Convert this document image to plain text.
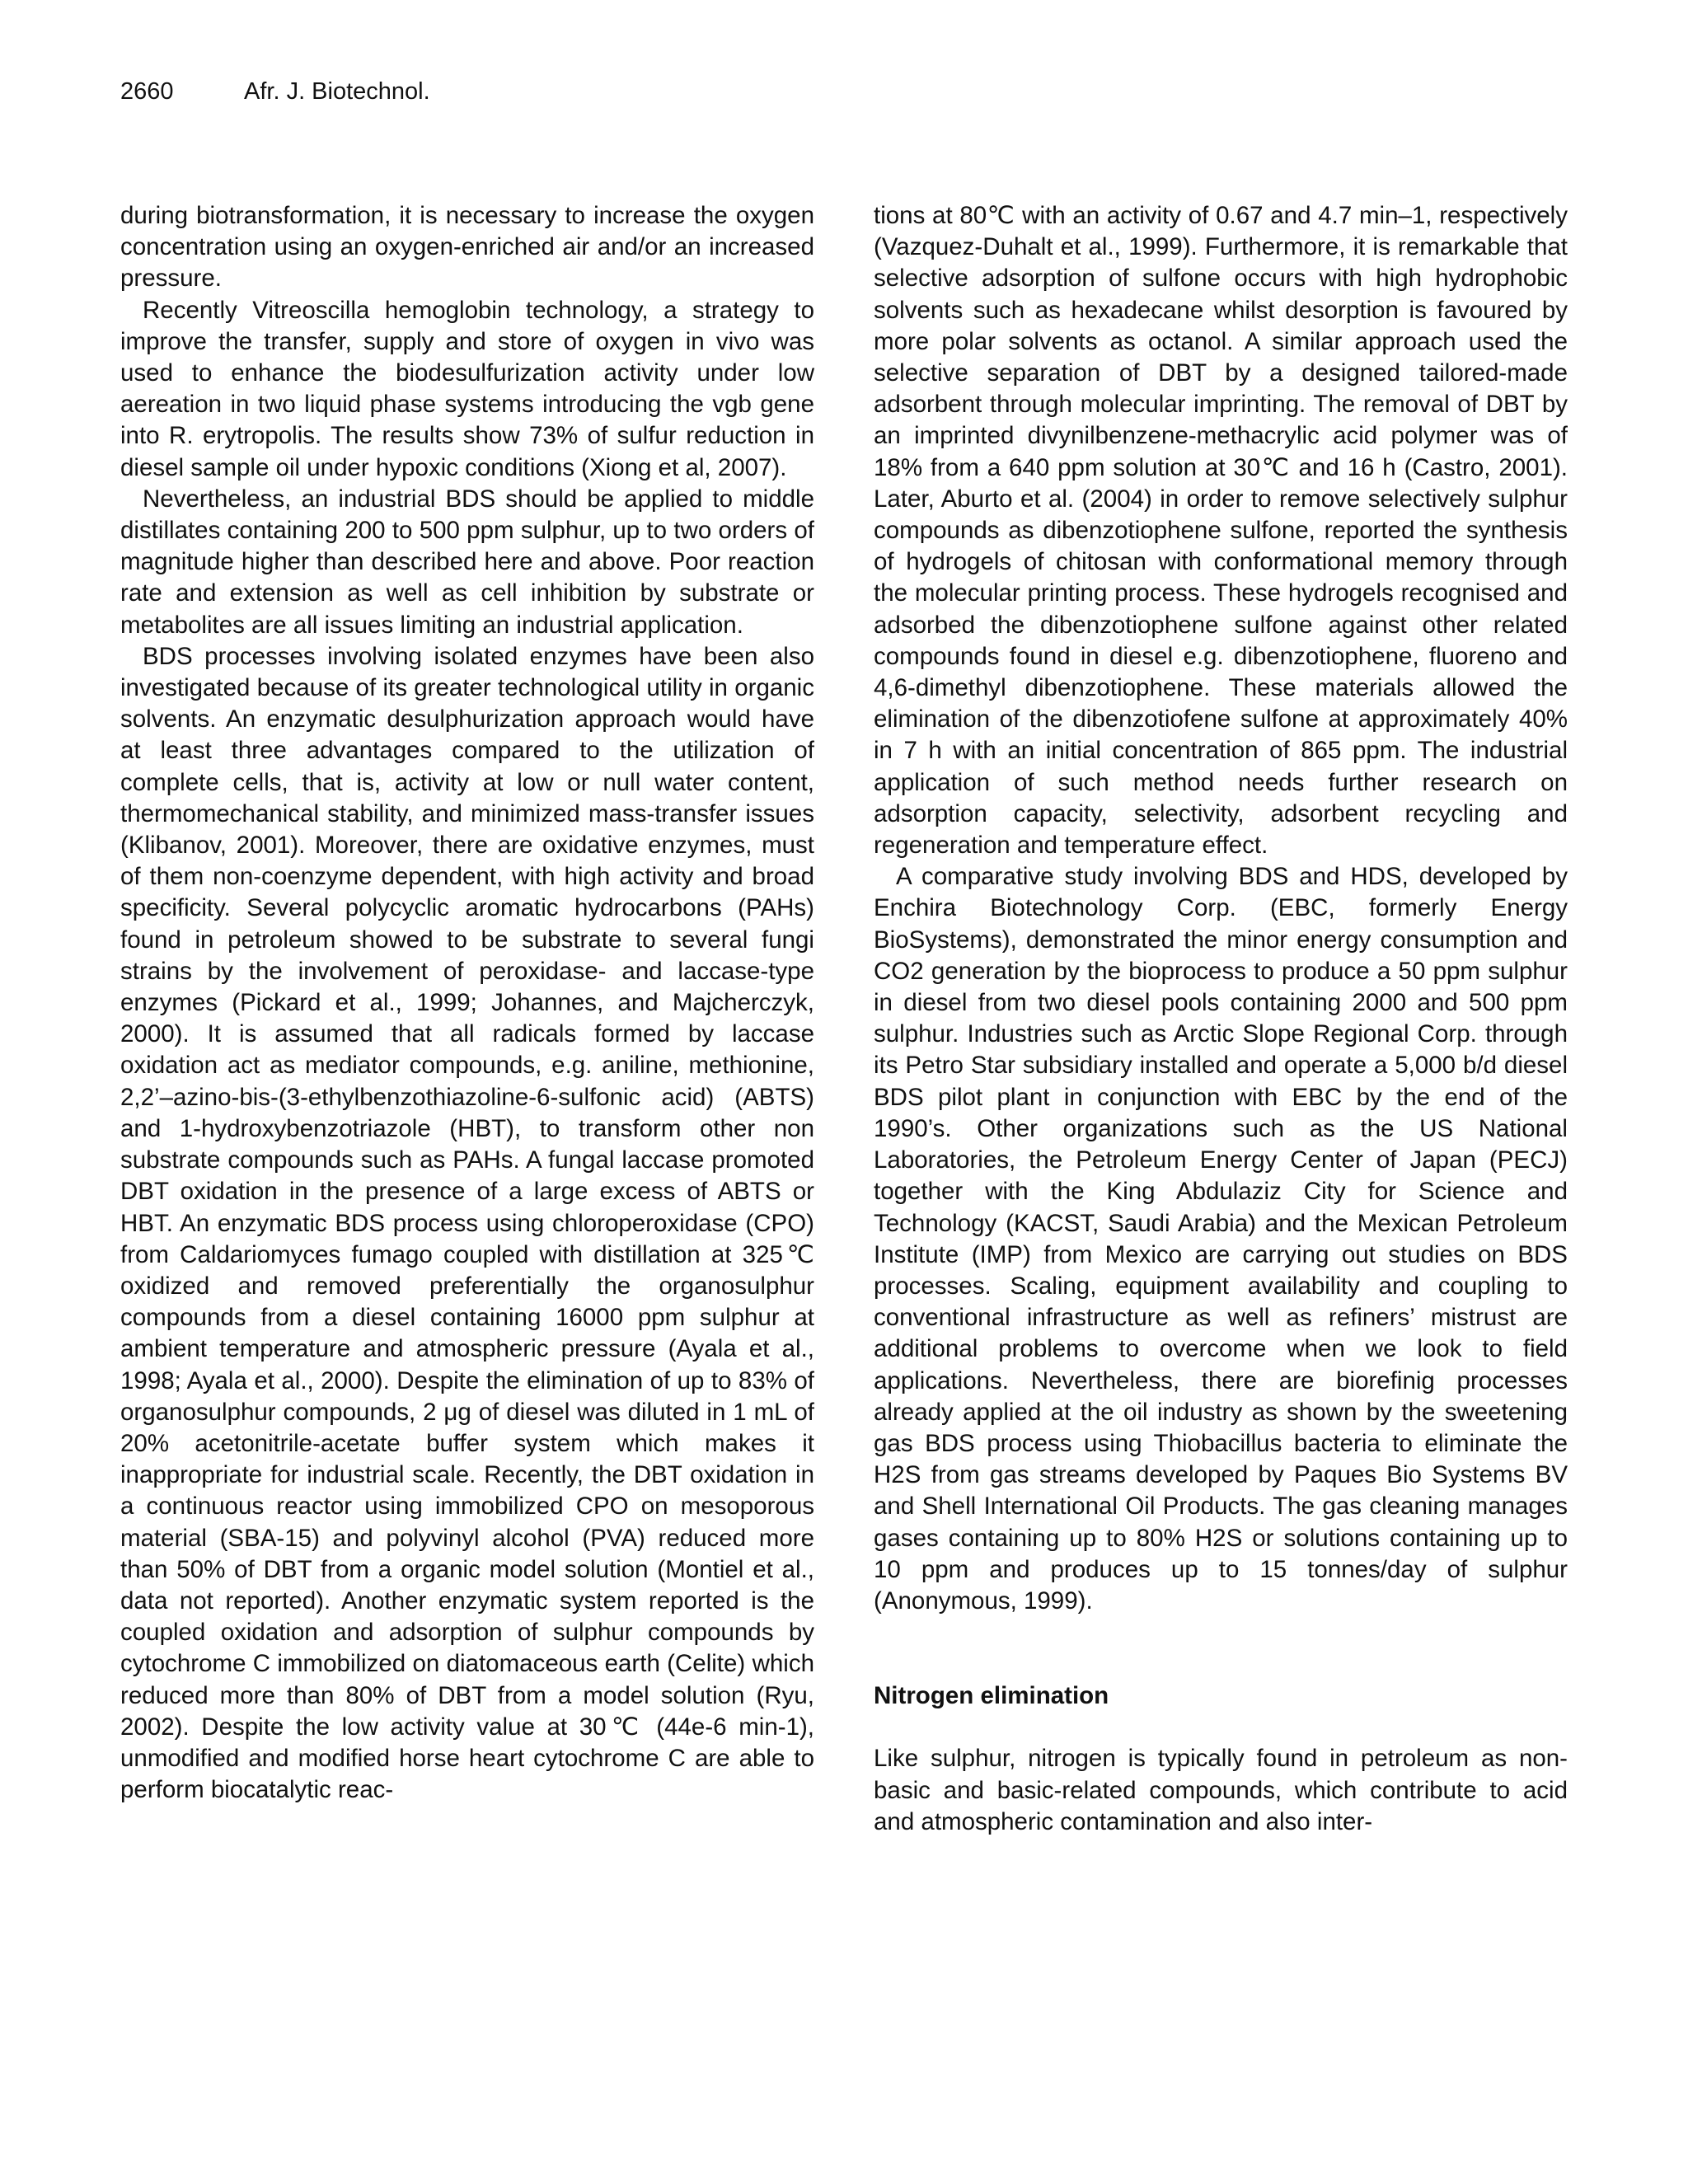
2660	Afr. J. Biotechnol.

during biotransformation, it is necessary to increase the oxygen concentration using an oxygen-enriched air and/or an increased pressure.

Recently Vitreoscilla hemoglobin technology, a strategy to improve the transfer, supply and store of oxygen in vivo was used to enhance the biodesulfurization activity under low aereation in two liquid phase systems introducing the vgb gene into R. erytropolis. The results show 73% of sulfur reduction in diesel sample oil under hypoxic conditions (Xiong et al, 2007).

Nevertheless, an industrial BDS should be applied to middle distillates containing 200 to 500 ppm sulphur, up to two orders of magnitude higher than described here and above. Poor reaction rate and extension as well as cell inhibition by substrate or metabolites are all issues limiting an industrial application.

BDS processes involving isolated enzymes have been also investigated because of its greater technological utility in organic solvents. An enzymatic desulphurization approach would have at least three advantages compared to the utilization of complete cells, that is, activity at low or null water content, thermomechanical stability, and minimized mass-transfer issues (Klibanov, 2001). Moreover, there are oxidative enzymes, must of them non-coenzyme dependent, with high activity and broad specificity. Several polycyclic aromatic hydrocarbons (PAHs) found in petroleum showed to be substrate to several fungi strains by the involvement of peroxidase- and laccase-type enzymes (Pickard et al., 1999; Johannes, and Majcherczyk, 2000). It is assumed that all radicals formed by laccase oxidation act as mediator compounds, e.g. aniline, methionine, 2,2’–azino-bis-(3-ethylbenzothiazoline-6-sulfonic acid) (ABTS) and 1-hydroxybenzotriazole (HBT), to transform other non substrate compounds such as PAHs. A fungal laccase promoted DBT oxidation in the presence of a large excess of ABTS or HBT. An enzymatic BDS process using chloroperoxidase (CPO) from Caldariomyces fumago coupled with distillation at 325℃ oxidized and removed preferentially the organosulphur compounds from a diesel containing 16000 ppm sulphur at ambient temperature and atmospheric pressure (Ayala et al., 1998; Ayala et al., 2000). Despite the elimination of up to 83% of organosulphur compounds, 2 μg of diesel was diluted in 1 mL of 20% acetonitrile-acetate buffer system which makes it inappropriate for industrial scale. Recently, the DBT oxidation in a continuous reactor using immobilized CPO on mesoporous material (SBA-15) and polyvinyl alcohol (PVA) reduced more than 50% of DBT from a organic model solution (Montiel et al., data not reported). Another enzymatic system reported is the coupled oxidation and adsorption of sulphur compounds by cytochrome C immobilized on diatomaceous earth (Celite) which reduced more than 80% of DBT from a model solution (Ryu, 2002). Despite the low activity value at 30℃ (44e-6 min-1), unmodified and modified horse heart cytochrome C are able to perform biocatalytic reac-

tions at 80℃ with an activity of 0.67 and 4.7 min–1, respectively (Vazquez-Duhalt et al., 1999). Furthermore, it is remarkable that selective adsorption of sulfone occurs with high hydrophobic solvents such as hexadecane whilst desorption is favoured by more polar solvents as octanol. A similar approach used the selective separation of DBT by a designed tailored-made adsorbent through molecular imprinting. The removal of DBT by an imprinted divynilbenzene-methacrylic acid polymer was of 18% from a 640 ppm solution at 30℃ and 16 h (Castro, 2001). Later, Aburto et al. (2004) in order to remove selectively sulphur compounds as dibenzotiophene sulfone, reported the synthesis of hydrogels of chitosan with conformational memory through the molecular printing process. These hydrogels recognised and adsorbed the dibenzotiophene sulfone against other related compounds found in diesel e.g. dibenzotiophene, fluoreno and 4,6-dimethyl dibenzotiophene. These materials allowed the elimination of the dibenzotiofene sulfone at approximately 40% in 7 h with an initial concentration of 865 ppm. The industrial application of such method needs further research on adsorption capacity, selectivity, adsorbent recycling and regeneration and temperature effect.

A comparative study involving BDS and HDS, developed by Enchira Biotechnology Corp. (EBC, formerly Energy BioSystems), demonstrated the minor energy consumption and CO2 generation by the bioprocess to produce a 50 ppm sulphur in diesel from two diesel pools containing 2000 and 500 ppm sulphur. Industries such as Arctic Slope Regional Corp. through its Petro Star subsidiary installed and operate a 5,000 b/d diesel BDS pilot plant in conjunction with EBC by the end of the 1990’s. Other organizations such as the US National Laboratories, the Petroleum Energy Center of Japan (PECJ) together with the King Abdulaziz City for Science and Technology (KACST, Saudi Arabia) and the Mexican Petroleum Institute (IMP) from Mexico are carrying out studies on BDS processes. Scaling, equipment availability and coupling to conventional infrastructure as well as refiners’ mistrust are additional problems to overcome when we look to field applications. Nevertheless, there are biorefinig processes already applied at the oil industry as shown by the sweetening gas BDS process using Thiobacillus bacteria to eliminate the H2S from gas streams developed by Paques Bio Systems BV and Shell International Oil Products. The gas cleaning manages gases containing up to 80% H2S or solutions containing up to 10 ppm and produces up to 15 tonnes/day of sulphur (Anonymous, 1999).

Nitrogen elimination

Like sulphur, nitrogen is typically found in petroleum as non-basic and basic-related compounds, which contribute to acid and atmospheric contamination and also inter-
